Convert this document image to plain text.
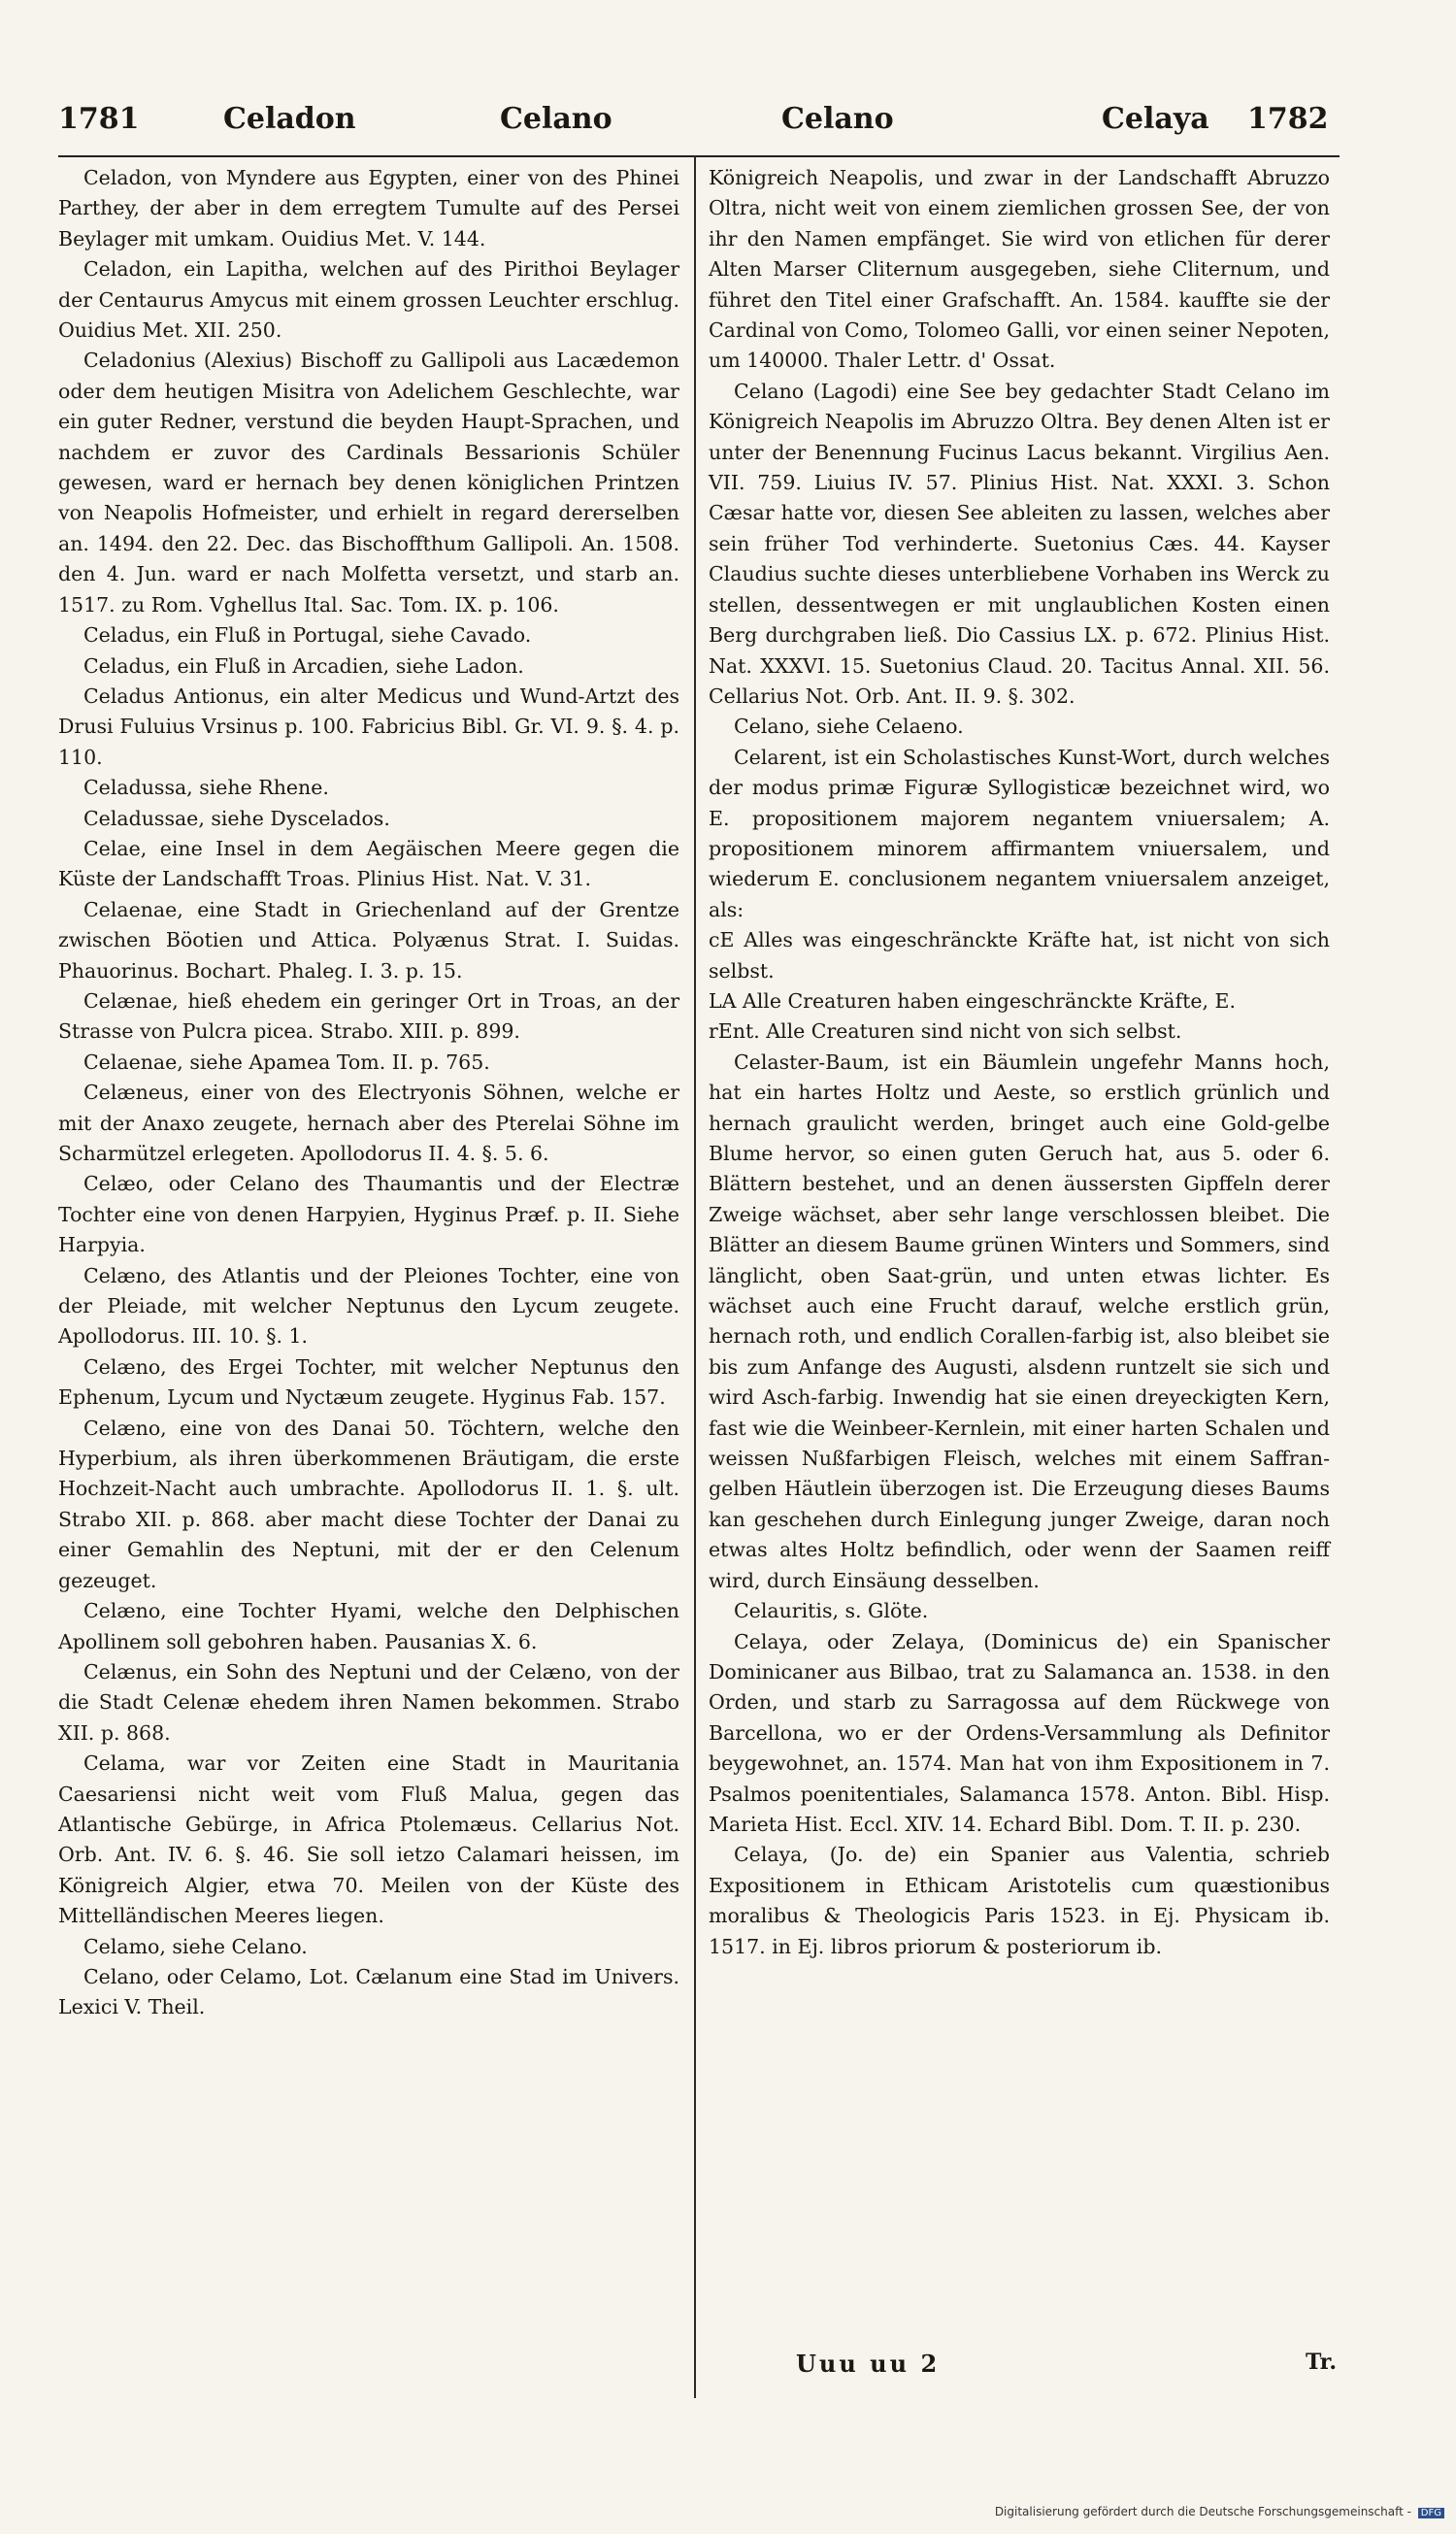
1781	Celadon	Celano	Celano	Celaya 1782

Celadon, von Myndere aus Egypten, einer von des Phinei Parthey, der aber in dem erregtem Tumulte auf des Persei Beylager mit umkam. Ouidius Met. V. 144.

Celadon, ein Lapitha, welchen auf des Pirithoi Beylager der Centaurus Amycus mit einem grossen Leuchter erschlug. Ouidius Met. XII. 250.

Celadonius (Alexius) Bischoff zu Gallipoli aus Lacædemon oder dem heutigen Misitra von Adelichem Geschlechte, war ein guter Redner, verstund die beyden Haupt-Sprachen, und nachdem er zuvor des Cardinals Bessarionis Schüler gewesen, ward er hernach bey denen königlichen Printzen von Neapolis Hofmeister, und erhielt in regard dererselben an. 1494. den 22. Dec. das Bischoffthum Gallipoli. An. 1508. den 4. Jun. ward er nach Molfetta versetzt, und starb an. 1517. zu Rom. Vghellus Ital. Sac. Tom. IX. p. 106.

Celadus, ein Fluß in Portugal, siehe Cavado.

Celadus, ein Fluß in Arcadien, siehe Ladon.

Celadus Antionus, ein alter Medicus und Wund-Artzt des Drusi Fuluius Vrsinus p. 100. Fabricius Bibl. Gr. VI. 9. §. 4. p. 110.

Celadussa, siehe Rhene.

Celadussae, siehe Dyscelados.

Celae, eine Insel in dem Aegäischen Meere gegen die Küste der Landschafft Troas. Plinius Hist. Nat. V. 31.

Celaenae, eine Stadt in Griechenland auf der Grentze zwischen Böotien und Attica. Polyænus Strat. I. Suidas. Phauorinus. Bochart. Phaleg. I. 3. p. 15.

Celænae, hieß ehedem ein geringer Ort in Troas, an der Strasse von Pulcra picea. Strabo. XIII. p. 899.

Celaenae, siehe Apamea Tom. II. p. 765.

Celæneus, einer von des Electryonis Söhnen, welche er mit der Anaxo zeugete, hernach aber des Pterelai Söhne im Scharmützel erlegeten. Apollodorus II. 4. §. 5. 6.

Celæo, oder Celano des Thaumantis und der Electræ Tochter eine von denen Harpyien, Hyginus Præf. p. II. Siehe Harpyia.

Celæno, des Atlantis und der Pleiones Tochter, eine von der Pleiade, mit welcher Neptunus den Lycum zeugete. Apollodorus. III. 10. §. 1.

Celæno, des Ergei Tochter, mit welcher Neptunus den Ephenum, Lycum und Nyctæum zeugete. Hyginus Fab. 157.

Celæno, eine von des Danai 50. Töchtern, welche den Hyperbium, als ihren überkommenen Bräutigam, die erste Hochzeit-Nacht auch umbrachte. Apollodorus II. 1. §. ult. Strabo XII. p. 868. aber macht diese Tochter der Danai zu einer Gemahlin des Neptuni, mit der er den Celenum gezeuget.

Celæno, eine Tochter Hyami, welche den Delphischen Apollinem soll gebohren haben. Pausanias X. 6.

Celænus, ein Sohn des Neptuni und der Celæno, von der die Stadt Celenæ ehedem ihren Namen bekommen. Strabo XII. p. 868.

Celama, war vor Zeiten eine Stadt in Mauritania Caesariensi nicht weit vom Fluß Malua, gegen das Atlantische Gebürge, in Africa Ptolemæus. Cellarius Not. Orb. Ant. IV. 6. §. 46. Sie soll ietzo Calamari heissen, im Königreich Algier, etwa 70. Meilen von der Küste des Mittelländischen Meeres liegen.

Celamo, siehe Celano.

Celano, oder Celamo, Lot. Cælanum eine Stad im Univers. Lexici V. Theil.

Königreich Neapolis, und zwar in der Landschafft Abruzzo Oltra, nicht weit von einem ziemlichen grossen See, der von ihr den Namen empfänget. Sie wird von etlichen für derer Alten Marser Cliternum ausgegeben, siehe Cliternum, und führet den Titel einer Grafschafft. An. 1584. kauffte sie der Cardinal von Como, Tolomeo Galli, vor einen seiner Nepoten, um 140000. Thaler Lettr. d' Ossat.

Celano (Lagodi) eine See bey gedachter Stadt Celano im Königreich Neapolis im Abruzzo Oltra. Bey denen Alten ist er unter der Benennung Fucinus Lacus bekannt. Virgilius Aen. VII. 759. Liuius IV. 57. Plinius Hist. Nat. XXXI. 3. Schon Cæsar hatte vor, diesen See ableiten zu lassen, welches aber sein früher Tod verhinderte. Suetonius Cæs. 44. Kayser Claudius suchte dieses unterbliebene Vorhaben ins Werck zu stellen, dessentwegen er mit unglaublichen Kosten einen Berg durchgraben ließ. Dio Cassius LX. p. 672. Plinius Hist. Nat. XXXVI. 15. Suetonius Claud. 20. Tacitus Annal. XII. 56. Cellarius Not. Orb. Ant. II. 9. §. 302.

Celano, siehe Celaeno.

Celarent, ist ein Scholastisches Kunst-Wort, durch welches der modus primæ Figuræ Syllogisticæ bezeichnet wird, wo E. propositionem majorem negantem vniuersalem; A. propositionem minorem affirmantem vniuersalem, und wiederum E. conclusionem negantem vniuersalem anzeiget, als:

cE Alles was eingeschränckte Kräfte hat, ist nicht von sich selbst.

LA Alle Creaturen haben eingeschränckte Kräfte, E.

rEnt. Alle Creaturen sind nicht von sich selbst.

Celaster-Baum, ist ein Bäumlein ungefehr Manns hoch, hat ein hartes Holtz und Aeste, so erstlich grünlich und hernach graulicht werden, bringet auch eine Gold-gelbe Blume hervor, so einen guten Geruch hat, aus 5. oder 6. Blättern bestehet, und an denen äussersten Gipffeln derer Zweige wächset, aber sehr lange verschlossen bleibet. Die Blätter an diesem Baume grünen Winters und Sommers, sind länglicht, oben Saat-grün, und unten etwas lichter. Es wächset auch eine Frucht darauf, welche erstlich grün, hernach roth, und endlich Corallen-farbig ist, also bleibet sie bis zum Anfange des Augusti, alsdenn runtzelt sie sich und wird Asch-farbig. Inwendig hat sie einen dreyeckigten Kern, fast wie die Weinbeer-Kernlein, mit einer harten Schalen und weissen Nußfarbigen Fleisch, welches mit einem Saffran-gelben Häutlein überzogen ist. Die Erzeugung dieses Baums kan geschehen durch Einlegung junger Zweige, daran noch etwas altes Holtz befindlich, oder wenn der Saamen reiff wird, durch Einsäung desselben.

Celauritis, s. Glöte.

Celaya, oder Zelaya, (Dominicus de) ein Spanischer Dominicaner aus Bilbao, trat zu Salamanca an. 1538. in den Orden, und starb zu Sarragossa auf dem Rückwege von Barcellona, wo er der Ordens-Versammlung als Definitor beygewohnet, an. 1574. Man hat von ihm Expositionem in 7. Psalmos poenitentiales, Salamanca 1578. Anton. Bibl. Hisp. Marieta Hist. Eccl. XIV. 14. Echard Bibl. Dom. T. II. p. 230.

Celaya, (Jo. de) ein Spanier aus Valentia, schrieb Expositionem in Ethicam Aristotelis cum quæstionibus moralibus & Theologicis Paris 1523. in Ej. Physicam ib. 1517. in Ej. libros priorum & posteriorum ib.

Uuu uu 2	Tr.
Digitalisierung gefördert durch die Deutsche Forschungsgemeinschaft - DFG
